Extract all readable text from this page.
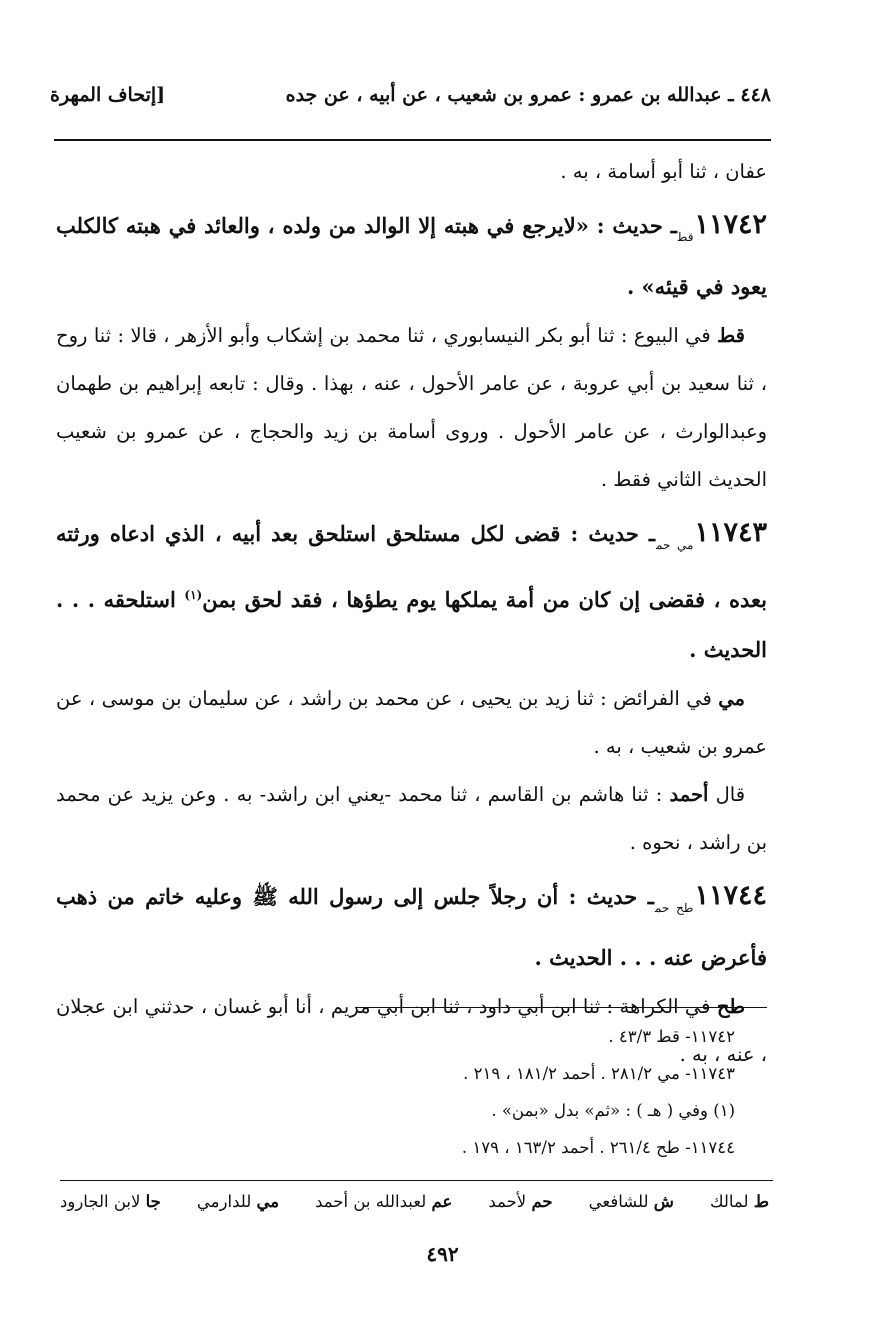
٤٤٨ ـ عبدالله بن عمرو : عمرو بن شعيب ، عن أبيه ، عن جده
[إتحاف المهرة

عفان ، ثنا أبو أسامة ، به .

$١١٧٤٢_{قط}ـ$ حديث : «لايرجع في هبته إلا الوالد من ولده ، والعائد في هبته كالكلب يعود في قيئه» .

قط في البيوع : ثنا أبو بكر النيسابوري ، ثنا محمد بن إشكاب وأبو الأزهر ، قالا : ثنا روح ، ثنا سعيد بن أبي عروبة ، عن عامر الأحول ، عنه ، بهذا . وقال : تابعه إبراهيم بن طهمان وعبدالوارث ، عن عامر الأحول . وروى أسامة بن زيد والحجاج ، عن عمرو بن شعيب الحديث الثاني فقط .

$١١٧٤٣_{مي حم}ـ$ حديث : قضى لكل مستلحق استلحق بعد أبيه ، الذي ادعاه ورثته بعده ، فقضى إن كان من أمة يملكها يوم يطؤها ، فقد لحق بمن$^{(١)}$ استلحقه . . . الحديث .

مي في الفرائض : ثنا زيد بن يحيى ، عن محمد بن راشد ، عن سليمان بن موسى ، عن عمرو بن شعيب ، به .

قال أحمد : ثنا هاشم بن القاسم ، ثنا محمد -يعني ابن راشد- به . وعن يزيد عن محمد بن راشد ، نحوه .

$١١٧٤٤_{طح حم}ـ$ حديث : أن رجلاً جلس إلى رسول الله ﷺ وعليه خاتم من ذهب فأعرض عنه . . . الحديث .

طح في الكراهة : ثنا ابن أبي داود ، ثنا ابن أبي مريم ، أنا أبو غسان ، حدثني ابن عجلان ، عنه ، به .

١١٧٤٢- قط ٤٣/٣ .
١١٧٤٣- مي ٢٨١/٢ . أحمد ١٨١/٢ ، ٢١٩ .
(١) وفي ( هـ ) : «ثم» بدل «بمن» .
١١٧٤٤- طح ٢٦١/٤ . أحمد ١٦٣/٢ ، ١٧٩ .
ط لمالك
ش للشافعي
حم لأحمد
عم لعبدالله بن أحمد
مي للدارمي
جا لابن الجارود
٤٩٢
